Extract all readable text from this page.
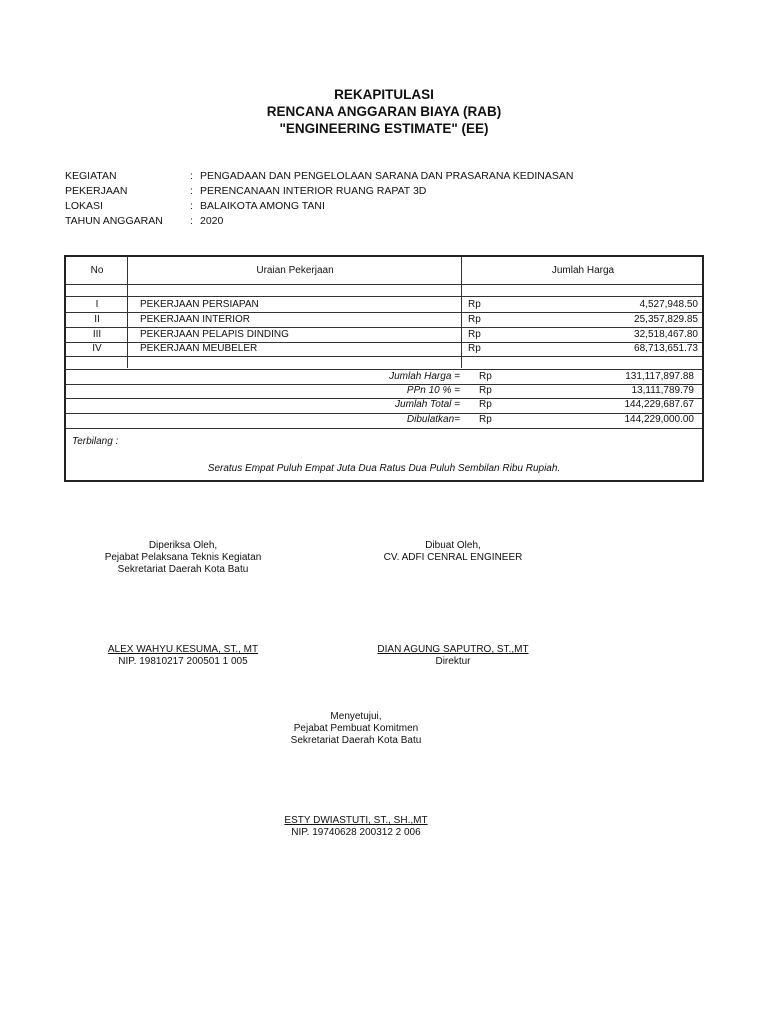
REKAPITULASI
RENCANA ANGGARAN BIAYA (RAB)
"ENGINEERING ESTIMATE" (EE)
KEGIATAN	: PENGADAAN DAN PENGELOLAAN SARANA DAN PRASARANA KEDINASAN
PEKERJAAN	: PERENCANAAN INTERIOR RUANG RAPAT 3D
LOKASI	: BALAIKOTA AMONG TANI
TAHUN ANGGARAN	: 2020
No	Uraian Pekerjaan	Jumlah Harga
I	PEKERJAAN PERSIAPAN	Rp	4,527,948.50
II	PEKERJAAN INTERIOR	Rp	25,357,829.85
III	PEKERJAAN PELAPIS DINDING	Rp	32,518,467.80
IV	PEKERJAAN MEUBELER	Rp	68,713,651.73
Jumlah Harga = Rp	131,117,897.88
PPn 10 % = Rp	13,111,789.79
Jumlah Total = Rp	144,229,687.67
Dibulatkan= Rp	144,229,000.00
Terbilang :
Seratus Empat Puluh Empat Juta Dua Ratus Dua Puluh Sembilan Ribu Rupiah.
Diperiksa Oleh,
Pejabat Pelaksana Teknis Kegiatan
Sekretariat Daerah Kota Batu
ALEX WAHYU KESUMA, ST., MT
NIP. 19810217 200501 1 005
Dibuat Oleh,
CV. ADFI CENRAL ENGINEER
DIAN AGUNG SAPUTRO, ST.,MT
Direktur
Menyetujui,
Pejabat Pembuat Komitmen
Sekretariat Daerah Kota Batu
ESTY DWIASTUTI, ST., SH.,MT
NIP. 19740628 200312 2 006
